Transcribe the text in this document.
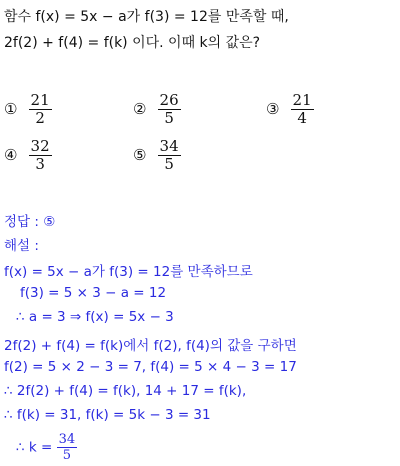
함수 f(x) = 5x − a가 f(3) = 12를 만족할 때,
2f(2) + f(4) = f(k) 이다. 이때 k의 값은?
① $\frac{21}{2}$	② $\frac{26}{5}$	③ $\frac{21}{4}$
④ $\frac{32}{3}$	⑤ $\frac{34}{5}$
정답 : ⑤
해설 :
f(x) = 5x − a가 f(3) = 12를 만족하므로
f(3) = 5 × 3 − a = 12
∴ a = 3 ⇒ f(x) = 5x − 3
2f(2) + f(4) = f(k)에서 f(2), f(4)의 값을 구하면
f(2) = 5 × 2 − 3 = 7, f(4) = 5 × 4 − 3 = 17
∴ 2f(2) + f(4) = f(k), 14 + 17 = f(k),
∴ f(k) = 31, f(k) = 5k − 3 = 31
∴ $k = \frac{34}{5}$
